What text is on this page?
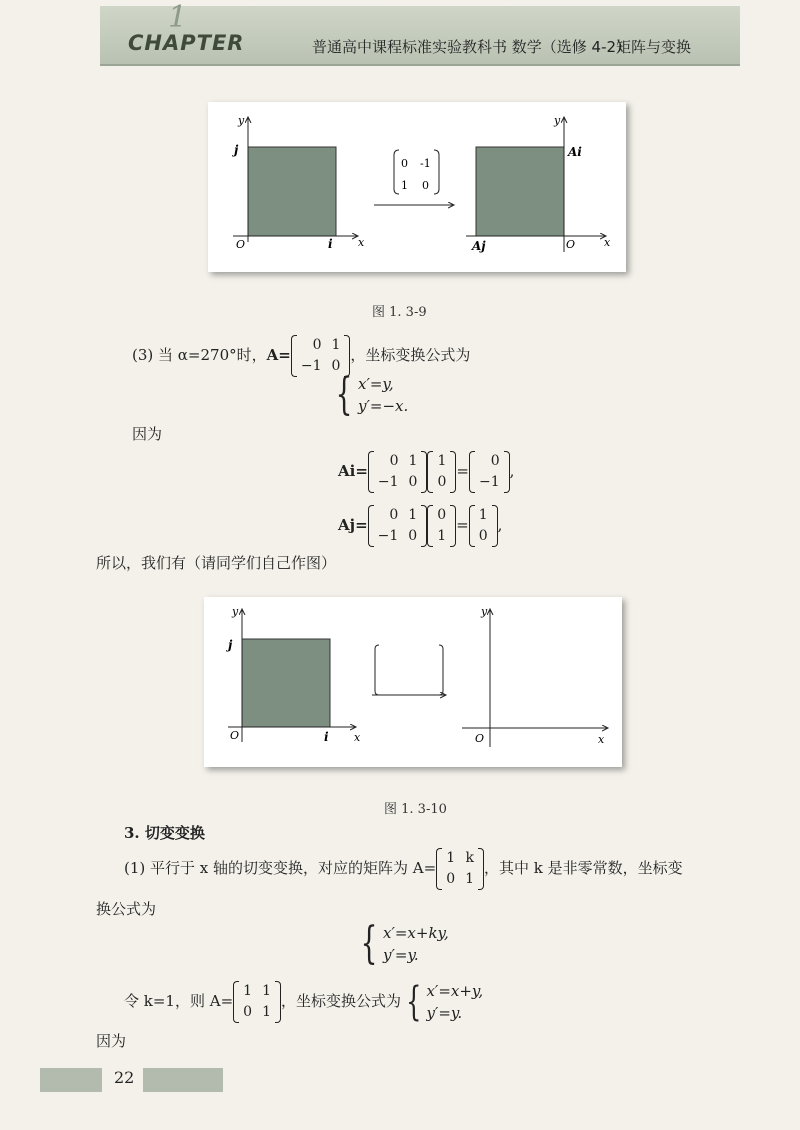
1
CHAPTER	普通高中课程标准实验教科书 数学（选修 4-2）
矩阵与变换
y
x
j
i
O
0 -1
1 0
y
x
Ai
Aj	O
图 1. 3-9
(3) 当 α=270°时，A=
0	1
−1	0
，坐标变换公式为
{ x′=y,
y′=−x.
因为
Ai=
0	1
−1	0
1
0
=
0
−1
,
Aj=
0	1
−1	0
0
1
=
1
0
,
所以，我们有（请同学们自己作图）
y
x
j
i
O
y
x
O
图 1. 3-10
3. 切变变换
(1) 平行于 x 轴的切变变换，对应的矩阵为 A=
1	k
0	1
，其中 k 是非零常数，坐标变
换公式为
{ x′=x+ky,
y′=y.
令 k=1，则 A=
1	1
0	1
，坐标变换公式为 { x′=x+y,
y′=y.
因为
22
